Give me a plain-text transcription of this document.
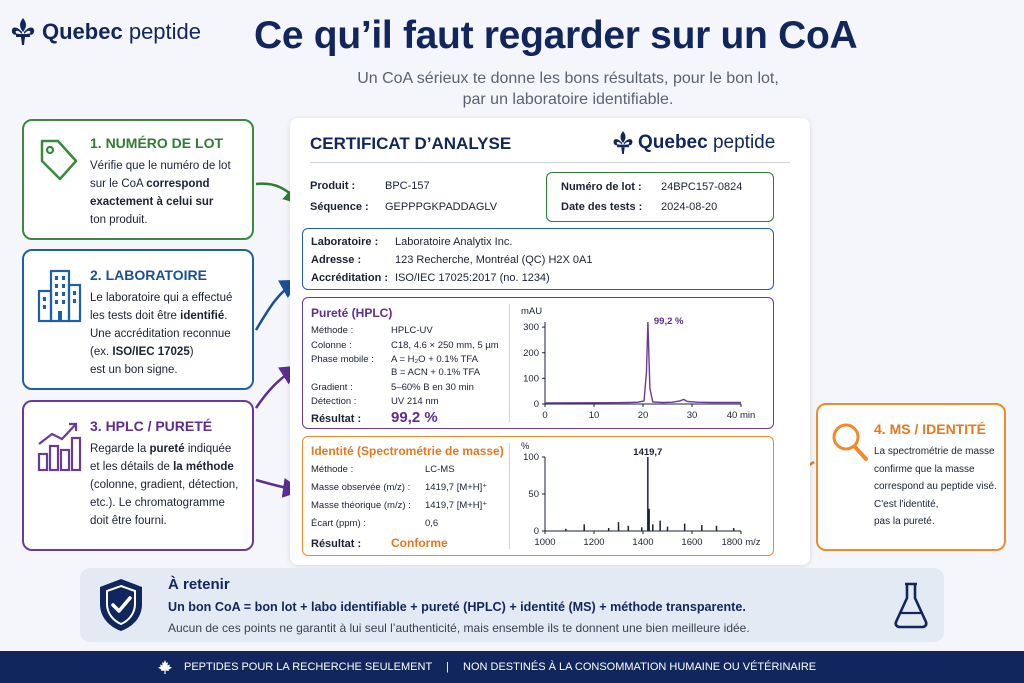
Quebec peptide Ce qu’il faut regarder sur un CoA
Un CoA sérieux te donne les bons résultats, pour le bon lot,
par un laboratoire identifiable.
1. NUMÉRO DE LOT

Vérifie que le numéro de lot
sur le CoA correspond
exactement à celui sur
ton produit.

2. LABORATOIRE

Le laboratoire qui a effectué
les tests doit être identifié.
Une accréditation reconnue
(ex. ISO/IEC 17025)
est un bon signe.

3. HPLC / PURETÉ

Regarde la pureté indiquée
et les détails de la méthode
(colonne, gradient, détection,
etc.). Le chromatogramme
doit être fourni.

4. MS / IDENTITÉ

La spectrométrie de masse
confirme que la masse
correspond au peptide visé.
C'est l'identité,
pas la pureté.

CERTIFICAT D’ANALYSE	Quebec peptide
Produit :	BPC-157
Séquence : GEPPPGKPADDAGLV
Numéro de lot : 24BPC157-0824
Date des tests : 2024-08-20
Laboratoire : Laboratoire Analytix Inc.
Adresse :	123 Recherche, Montréal (QC) H2X 0A1
Accréditation : ISO/IEC 17025:2017 (no. 1234)
Pureté (HPLC)
Méthode :	HPLC-UV
Colonne :	C18, 4.6 × 250 mm, 5 µm
Phase mobile : A = H₂O + 0.1% TFA
B = ACN + 0.1% TFA
Gradient :	5–60% B en 30 min
Détection :	UV 214 nm
Résultat : 99,2 %
mAU
0
100
200
300
0	10	20	30	40 min
99,2 %
Identité (Spectrométrie de masse)
Méthode :	LC-MS
Masse observée (m/z) : 1419,7 [M+H]⁺
Masse théorique (m/z) : 1419,7 [M+H]⁺
Écart (ppm) :	0,6
Résultat : Conforme
%
0
50
100
1000	1200	1400	1600 1800 m/z
1419,7
À retenir
Un bon CoA = bon lot + labo identifiable + pureté (HPLC) + identité (MS) + méthode transparente.
Aucun de ces points ne garantit à lui seul l’authenticité, mais ensemble ils te donnent une bien meilleure idée.
PEPTIDES POUR LA RECHERCHE SEULEMENT | NON DESTINÉS À LA CONSOMMATION HUMAINE OU VÉTÉRINAIRE
